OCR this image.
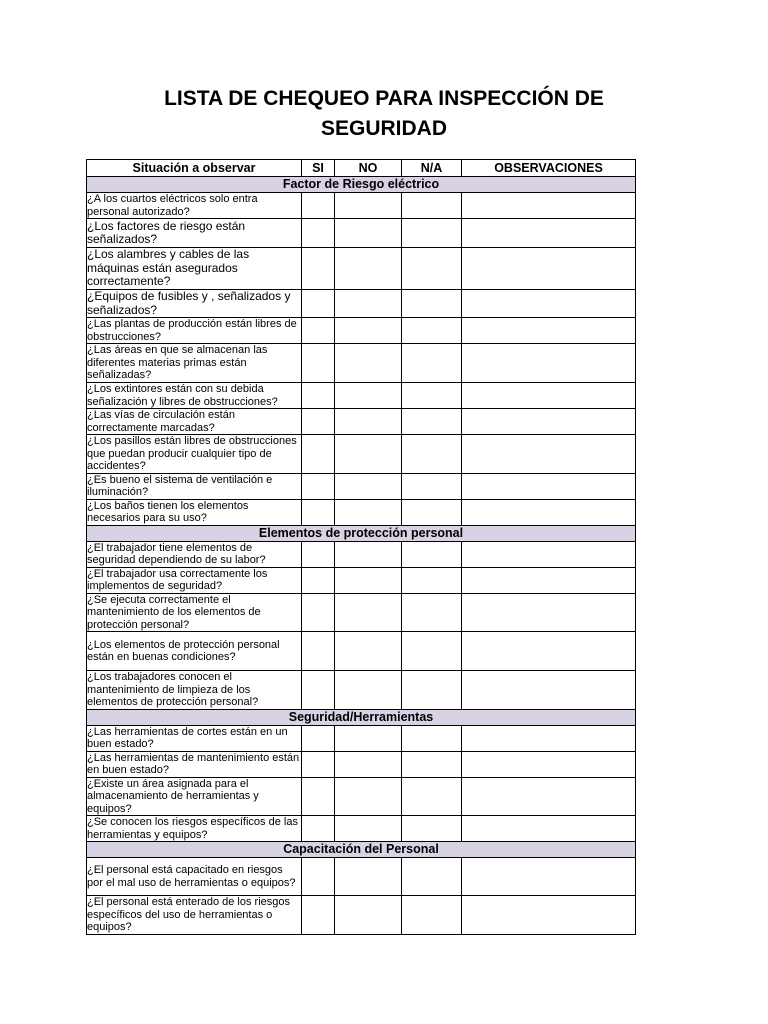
LISTA DE CHEQUEO PARA INSPECCIÓN DE
SEGURIDAD
Situación a observar	SI	NO	N/A	OBSERVACIONES

Factor de Riesgo eléctrico				

¿A los cuartos eléctricos solo entra personal autorizado?				
¿Los factores de riesgo están señalizados?				
¿Los alambres y cables de las máquinas están asegurados correctamente?				
¿Equipos de fusibles y , señalizados y señalizados?				
¿Las plantas de producción están libres de obstrucciones?				
¿Las áreas en que se almacenan las diferentes materias primas están señalizadas?				
¿Los extintores están con su debida señalización y libres de obstrucciones?				
¿Las vías de circulación están correctamente marcadas?				
¿Los pasillos están libres de obstrucciones que puedan producir cualquier tipo de accidentes?				
¿Es bueno el sistema de ventilación e iluminación?				
¿Los baños tienen los elementos necesarios para su uso?				

Elementos de protección personal				

¿El trabajador tiene elementos de seguridad dependiendo de su labor?				
¿El trabajador usa correctamente los implementos de seguridad?				
¿Se ejecuta correctamente el mantenimiento de los elementos de protección personal?				
¿Los elementos de protección personal están en buenas condiciones?				
¿Los trabajadores conocen el mantenimiento de limpieza de los elementos de protección personal?				

Seguridad/Herramientas				

¿Las herramientas de cortes están en un buen estado?				
¿Las herramientas de mantenimiento están en buen estado?				
¿Existe un área asignada para el almacenamiento de herramientas y equipos?				
¿Se conocen los riesgos específicos de las herramientas y equipos?				

Capacitación del Personal				

¿El personal está capacitado en riesgos por el mal uso de herramientas o equipos?				
¿El personal está enterado de los riesgos específicos del uso de herramientas o equipos?				
